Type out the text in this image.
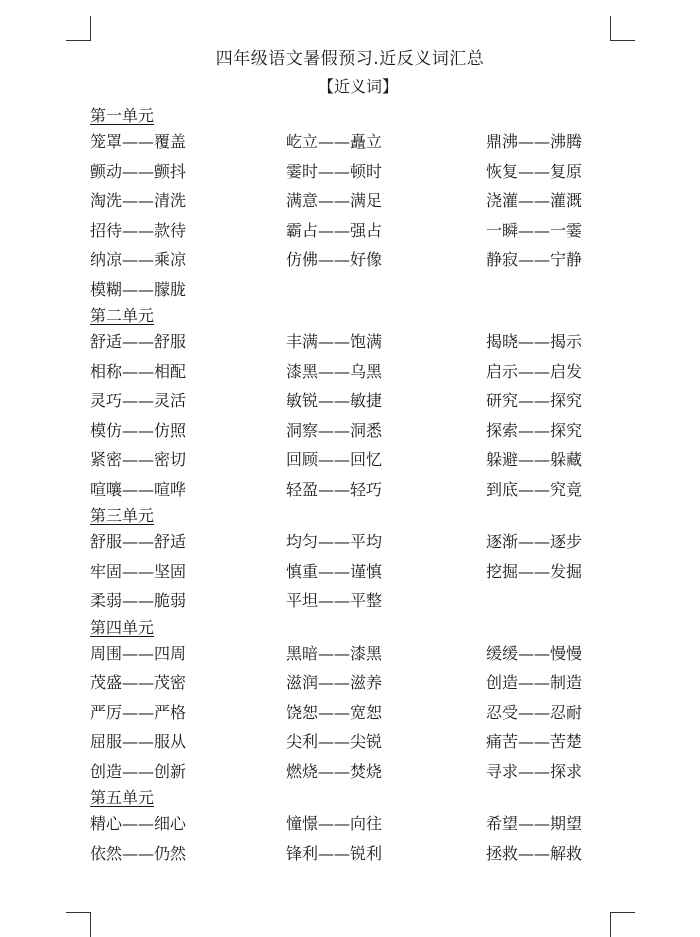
四年级语文暑假预习.近反义词汇总
【近义词】
第一单元
笼罩——覆盖	屹立——矗立	鼎沸——沸腾
颤动——颤抖	霎时——顿时	恢复——复原
淘洗——清洗	满意——满足	浇灌——灌溉
招待——款待	霸占——强占	一瞬——一霎
纳凉——乘凉	仿佛——好像	静寂——宁静
模糊——朦胧
第二单元
舒适——舒服	丰满——饱满	揭晓——揭示
相称——相配	漆黑——乌黑	启示——启发
灵巧——灵活	敏锐——敏捷	研究——探究
模仿——仿照	洞察——洞悉	探索——探究
紧密——密切	回顾——回忆	躲避——躲藏
喧嚷——喧哗	轻盈——轻巧	到底——究竟
第三单元
舒服——舒适	均匀——平均	逐渐——逐步
牢固——坚固	慎重——谨慎	挖掘——发掘
柔弱——脆弱	平坦——平整
第四单元
周围——四周	黑暗——漆黑	缓缓——慢慢
茂盛——茂密	滋润——滋养	创造——制造
严厉——严格	饶恕——宽恕	忍受——忍耐
屈服——服从	尖利——尖锐	痛苦——苦楚
创造——创新	燃烧——焚烧	寻求——探求
第五单元
精心——细心	憧憬——向往	希望——期望
依然——仍然	锋利——锐利	拯救——解救
